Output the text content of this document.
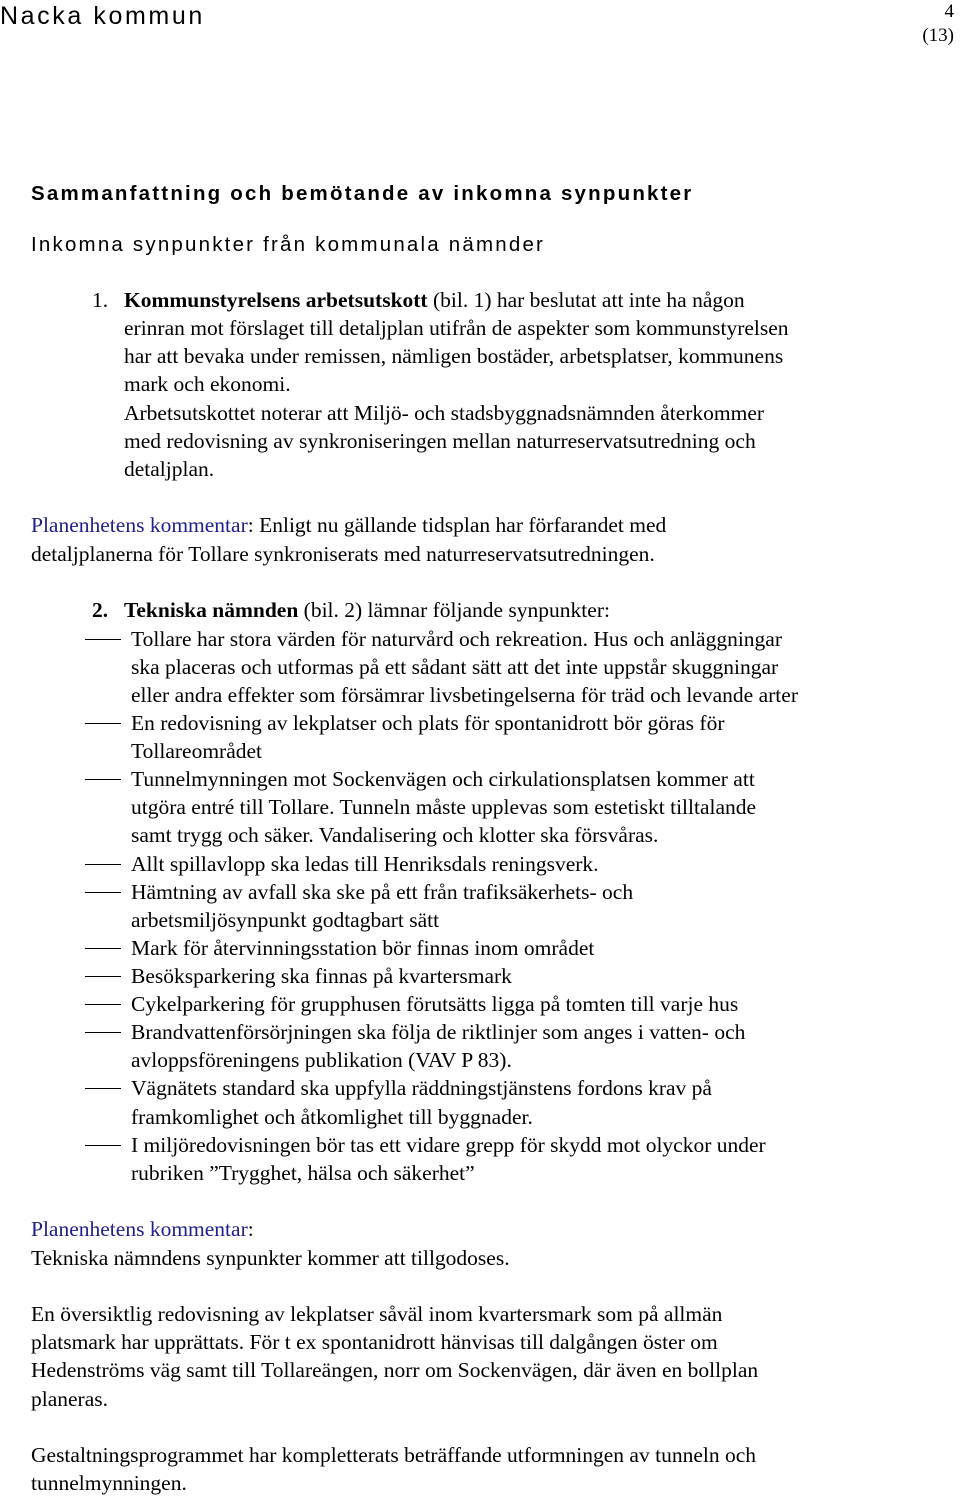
Nacka kommun	4
(13)
Sammanfattning och bemötande av inkomna synpunkter
Inkomna synpunkter från kommunala nämnder
1. Kommunstyrelsens arbetsutskott (bil. 1) har beslutat att inte ha någon
erinran mot förslaget till detaljplan utifrån de aspekter som kommunstyrelsen
har att bevaka under remissen, nämligen bostäder, arbetsplatser, kommunens
mark och ekonomi.
Arbetsutskottet noterar att Miljö- och stadsbyggnadsnämnden återkommer
med redovisning av synkroniseringen mellan naturreservatsutredning och
detaljplan.
Planenhetens kommentar: Enligt nu gällande tidsplan har förfarandet med
detaljplanerna för Tollare synkroniserats med naturreservatsutredningen.
2. Tekniska nämnden (bil. 2) lämnar följande synpunkter:
Tollare har stora värden för naturvård och rekreation. Hus och anläggningar
ska placeras och utformas på ett sådant sätt att det inte uppstår skuggningar
eller andra effekter som försämrar livsbetingelserna för träd och levande arter
En redovisning av lekplatser och plats för spontanidrott bör göras för
Tollareområdet
Tunnelmynningen mot Sockenvägen och cirkulationsplatsen kommer att
utgöra entré till Tollare. Tunneln måste upplevas som estetiskt tilltalande
samt trygg och säker. Vandalisering och klotter ska försvåras.
Allt spillavlopp ska ledas till Henriksdals reningsverk.
Hämtning av avfall ska ske på ett från trafiksäkerhets- och
arbetsmiljösynpunkt godtagbart sätt
Mark för återvinningsstation bör finnas inom området
Besöksparkering ska finnas på kvartersmark
Cykelparkering för grupphusen förutsätts ligga på tomten till varje hus
Brandvattenförsörjningen ska följa de riktlinjer som anges i vatten- och
avloppsföreningens publikation (VAV P 83).
Vägnätets standard ska uppfylla räddningstjänstens fordons krav på
framkomlighet och åtkomlighet till byggnader.
I miljöredovisningen bör tas ett vidare grepp för skydd mot olyckor under
rubriken ”Trygghet, hälsa och säkerhet”
Planenhetens kommentar:
Tekniska nämndens synpunkter kommer att tillgodoses.
En översiktlig redovisning av lekplatser såväl inom kvartersmark som på allmän
platsmark har upprättats. För t ex spontanidrott hänvisas till dalgången öster om
Hedenströms väg samt till Tollareängen, norr om Sockenvägen, där även en bollplan
planeras.
Gestaltningsprogrammet har kompletterats beträffande utformningen av tunneln och
tunnelmynningen.
